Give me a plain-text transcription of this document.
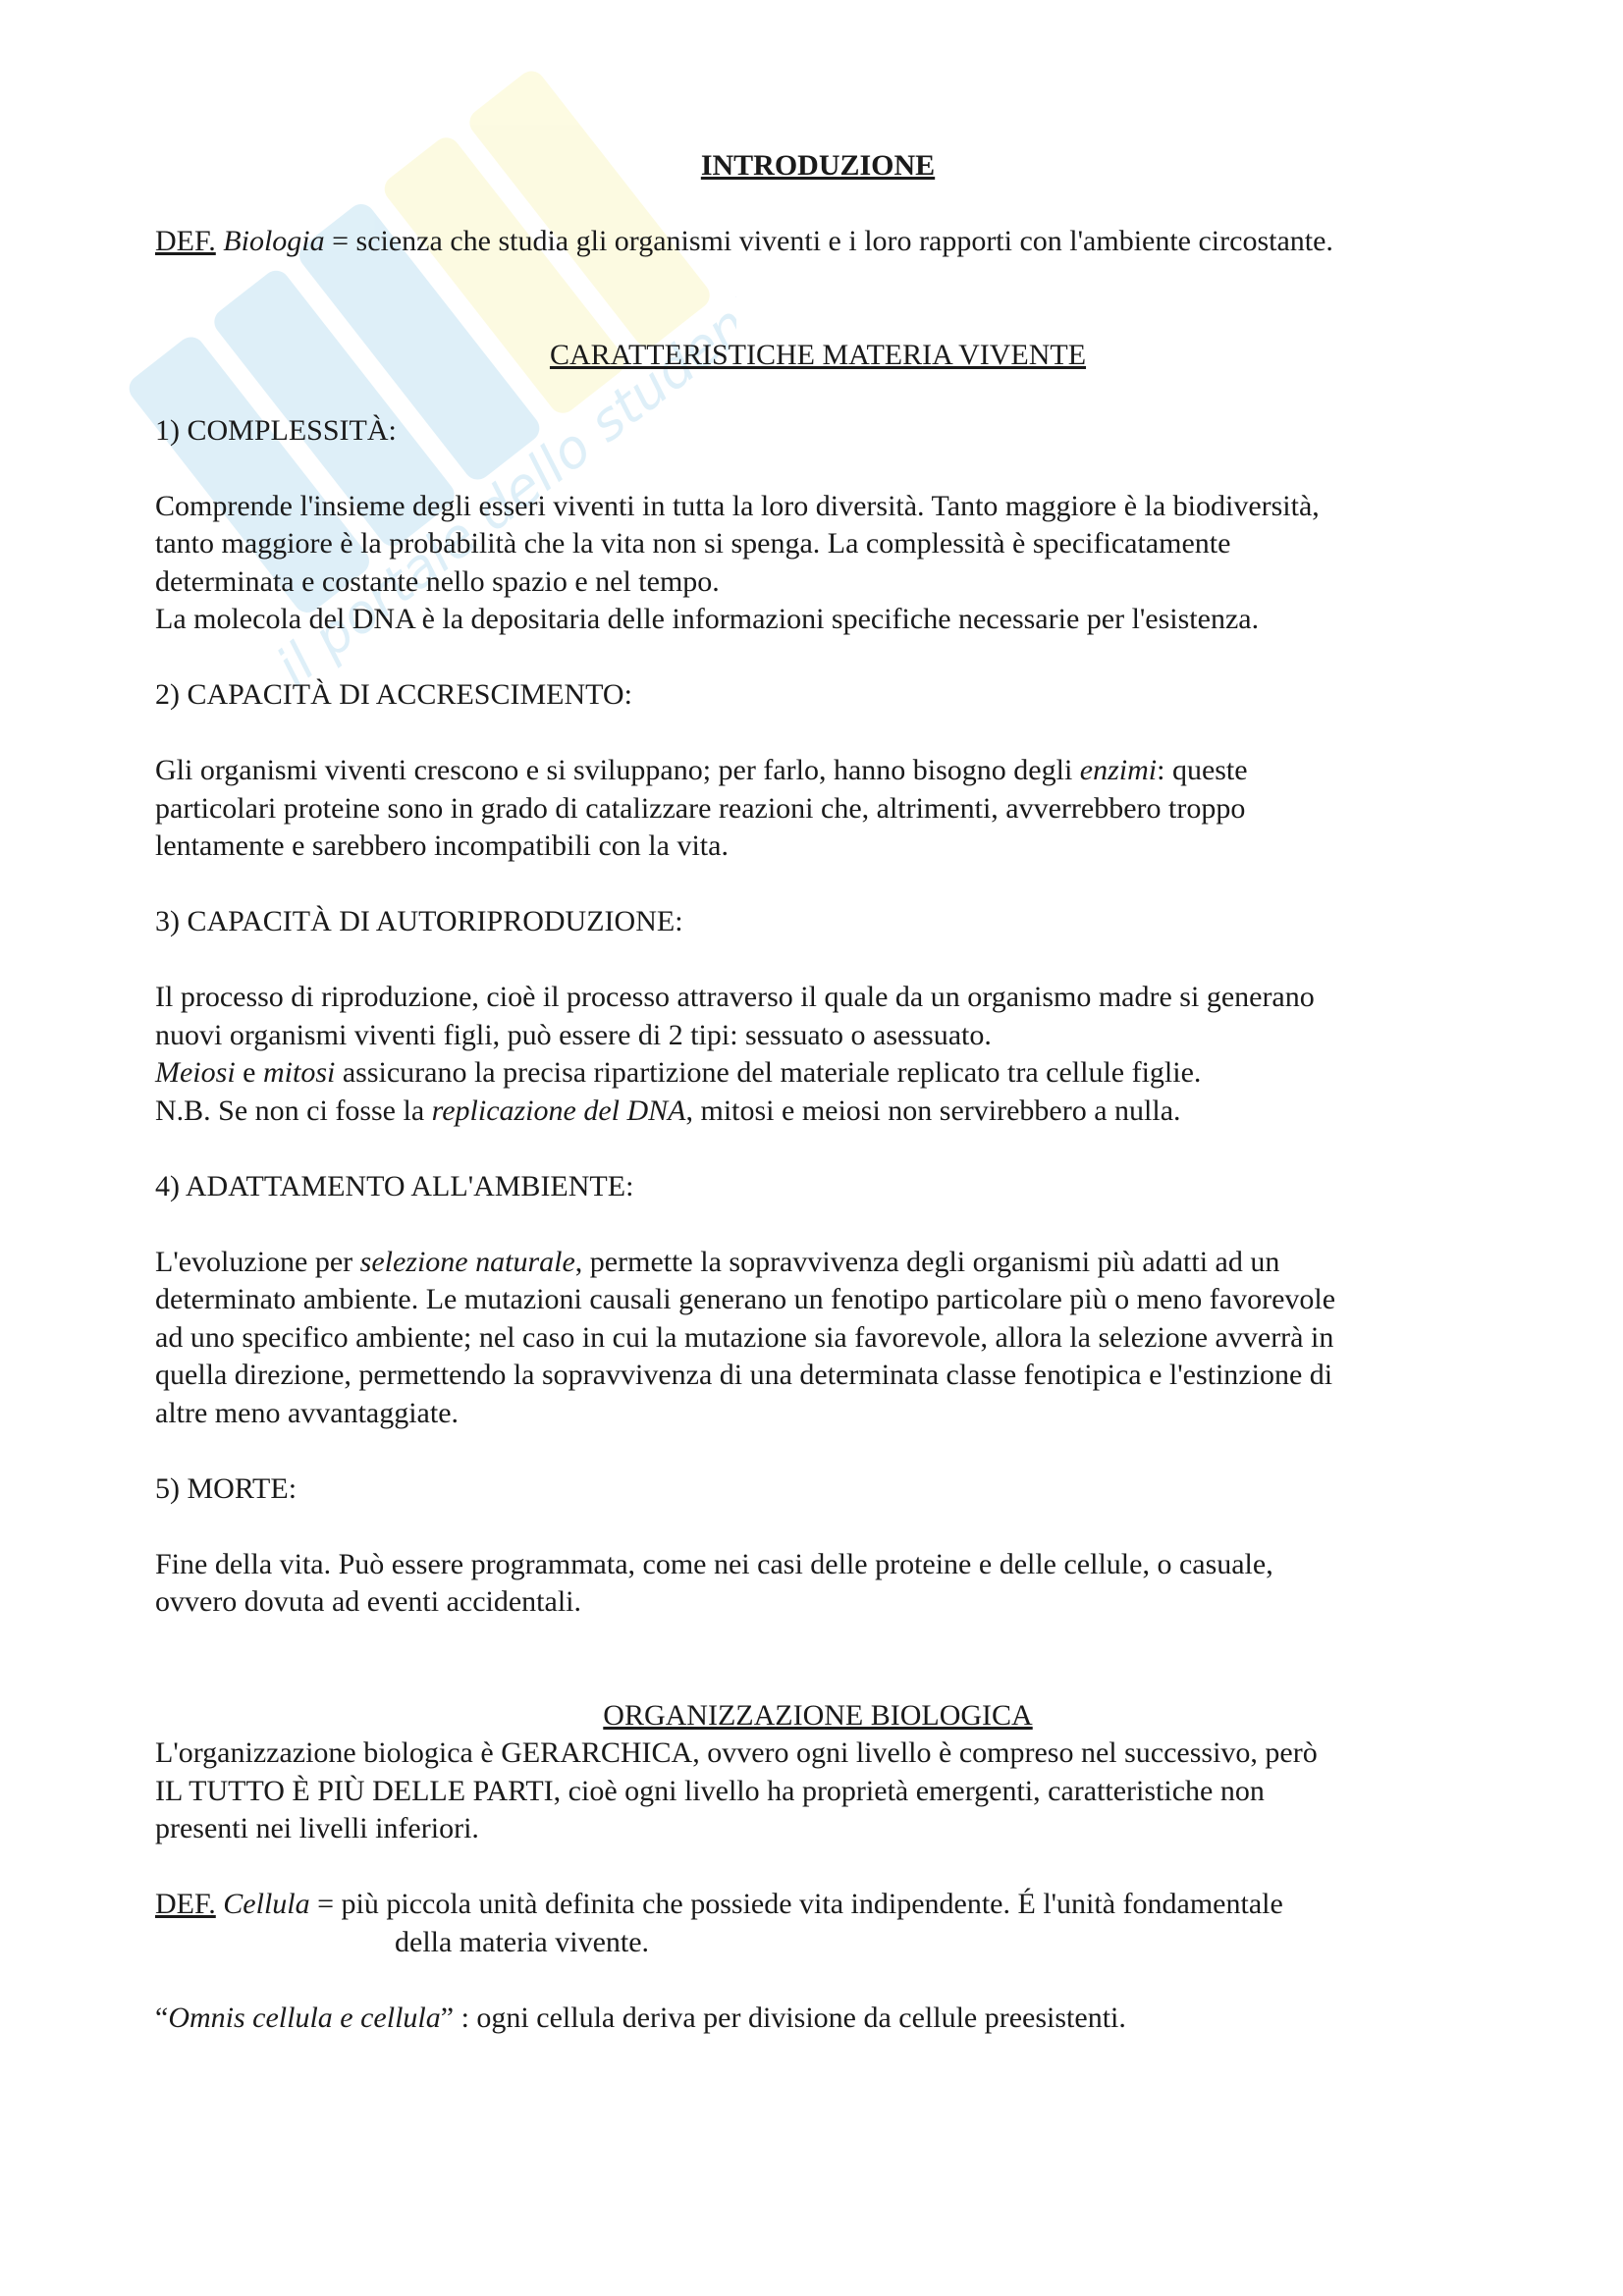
il portale dello studente

INTRODUZIONE

DEF. Biologia = scienza che studia gli organismi viventi e i loro rapporti con l'ambiente circostante.

CARATTERISTICHE MATERIA VIVENTE

1) COMPLESSITÀ:

Comprende l'insieme degli esseri viventi in tutta la loro diversità. Tanto maggiore è la biodiversità,
tanto maggiore è la probabilità che la vita non si spenga. La complessità è specificatamente
determinata e costante nello spazio e nel tempo.
La molecola del DNA è la depositaria delle informazioni specifiche necessarie per l'esistenza.

2) CAPACITÀ DI ACCRESCIMENTO:

Gli organismi viventi crescono e si sviluppano; per farlo, hanno bisogno degli enzimi: queste
particolari proteine sono in grado di catalizzare reazioni che, altrimenti, avverrebbero troppo
lentamente e sarebbero incompatibili con la vita.

3) CAPACITÀ DI AUTORIPRODUZIONE:

Il processo di riproduzione, cioè il processo attraverso il quale da un organismo madre si generano
nuovi organismi viventi figli, può essere di 2 tipi: sessuato o asessuato.
Meiosi e mitosi assicurano la precisa ripartizione del materiale replicato tra cellule figlie.
N.B. Se non ci fosse la replicazione del DNA, mitosi e meiosi non servirebbero a nulla.

4) ADATTAMENTO ALL'AMBIENTE:

L'evoluzione per selezione naturale, permette la sopravvivenza degli organismi più adatti ad un
determinato ambiente. Le mutazioni causali generano un fenotipo particolare più o meno favorevole
ad uno specifico ambiente; nel caso in cui la mutazione sia favorevole, allora la selezione avverrà in
quella direzione, permettendo la sopravvivenza di una determinata classe fenotipica e l'estinzione di
altre meno avvantaggiate.

5) MORTE:

Fine della vita. Può essere programmata, come nei casi delle proteine e delle cellule, o casuale,
ovvero dovuta ad eventi accidentali.

ORGANIZZAZIONE BIOLOGICA

L'organizzazione biologica è GERARCHICA, ovvero ogni livello è compreso nel successivo, però
IL TUTTO È PIÙ DELLE PARTI, cioè ogni livello ha proprietà emergenti, caratteristiche non
presenti nei livelli inferiori.

DEF. Cellula = più piccola unità definita che possiede vita indipendente. É l'unità fondamentale

della materia vivente.

“Omnis cellula e cellula” : ogni cellula deriva per divisione da cellule preesistenti.
